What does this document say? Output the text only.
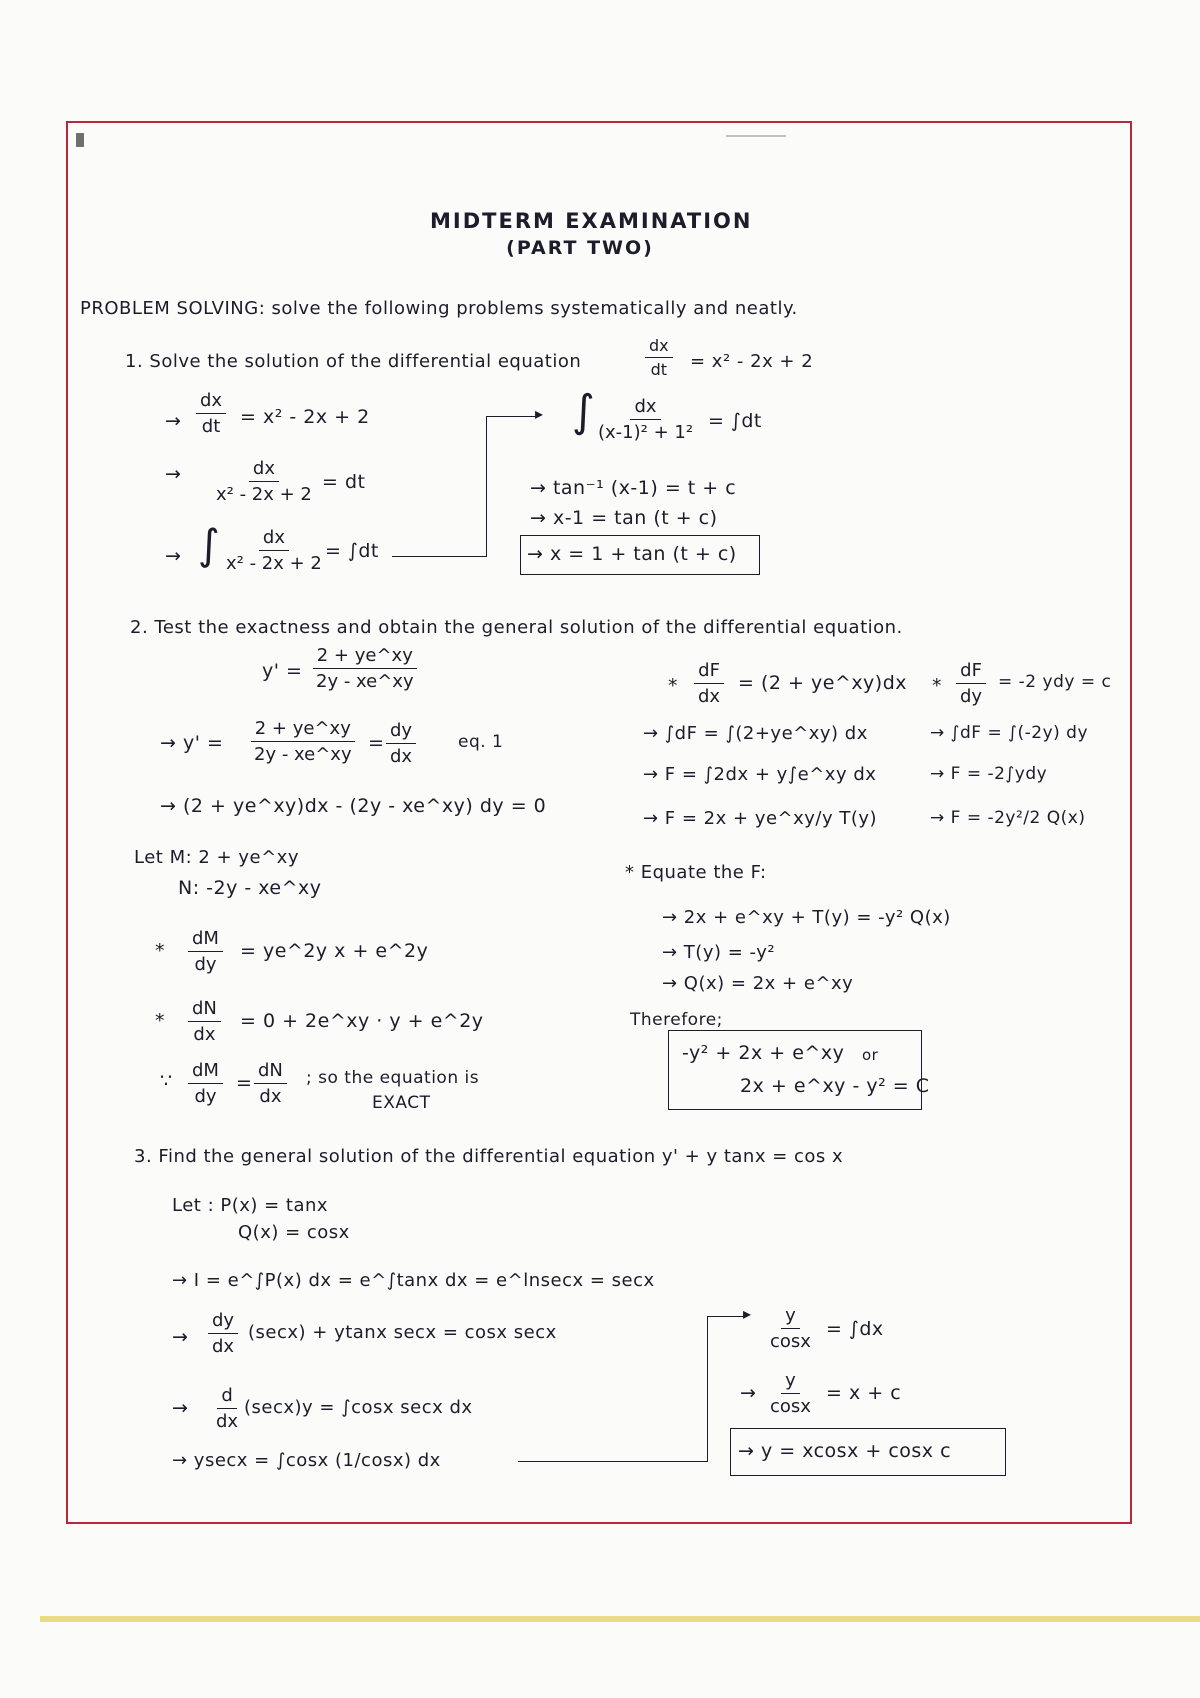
MIDTERM EXAMINATION
(PART TWO)
PROBLEM SOLVING: solve the following problems systematically and neatly.
1. Solve the solution of the differential equation	$\frac{dx}{dt} = x^2 - 2x + 2$
→ $\frac{dx}{dt} = x^2 - 2x + 2$
→ $\frac{dx}{\text{x² - 2x + 2}}$ = dt
→ ∫ $\frac{dx}{\text{x² - 2x + 2}} = \int dt$
▸ ∫
$\frac{dx}{\text{(x-1)² + 1²}} = \int dt$
→ tan⁻¹ (x-1) = t + c
→ x-1 = tan (t + c)
→ x = 1 + tan (t + c)
2. Test the exactness and obtain the general solution of the differential equation.
$y' = \frac{2 + ye\^{}xy}{2y - xe\^{}xy}$
→ $y' = \frac{2 + ye\^{}xy}{2y - xe\^{}xy} = \frac{dy}{dx}$ eq. 1
→ (2 + ye^xy)dx - (2y - xe^xy) dy = 0
Let M: 2 + ye^xy
N: -2y - xe^xy
* $\frac{dM}{dy}$ = ye^2y x + e^2y
* $\frac{dN}{dx} = 0$ + 2e^xy · y + e^2y
∵ $\frac{dM}{dy} = \frac{dN}{dx}$ ; so the equation is
EXACT
* $\frac{dF}{dx} = (2$ + ye^xy)dx
→ ∫dF = ∫(2+ye^xy) dx
→ F = ∫2dx + y∫e^xy dx
→ F = 2x + ye^xy/y T(y)
* $\frac{dF}{dy} = -2$ ydy = c
→ ∫dF = ∫(-2y) dy
→ F = -2∫ydy
→ F = -2y²/2 Q(x)
* Equate the F:
→ 2x + e^xy + T(y) = -y² Q(x)
→ T(y) = -y²
→ Q(x) = 2x + e^xy
Therefore;
-y² + 2x + e^xy or
2x + e^xy - y² = C
3. Find the general solution of the differential equation y' + y tanx = cos x
Let : P(x) = tanx
Q(x) = cosx
→ I = e^∫P(x) dx = e^∫tanx dx = e^lnsecx = secx
→ $\frac{dy}{dx} (\sec x) + ytanx$ secx = cosx secx
→ $\frac{d}{dx} (\sec x)y = \int\cos x$ secx dx
→ ysecx = ∫cosx (1/cosx) dx
▸ $\frac{y}{\cos x} = \int dx$
→ $\frac{y}{\cos x} = x + c$
→ y = xcosx + cosx c
